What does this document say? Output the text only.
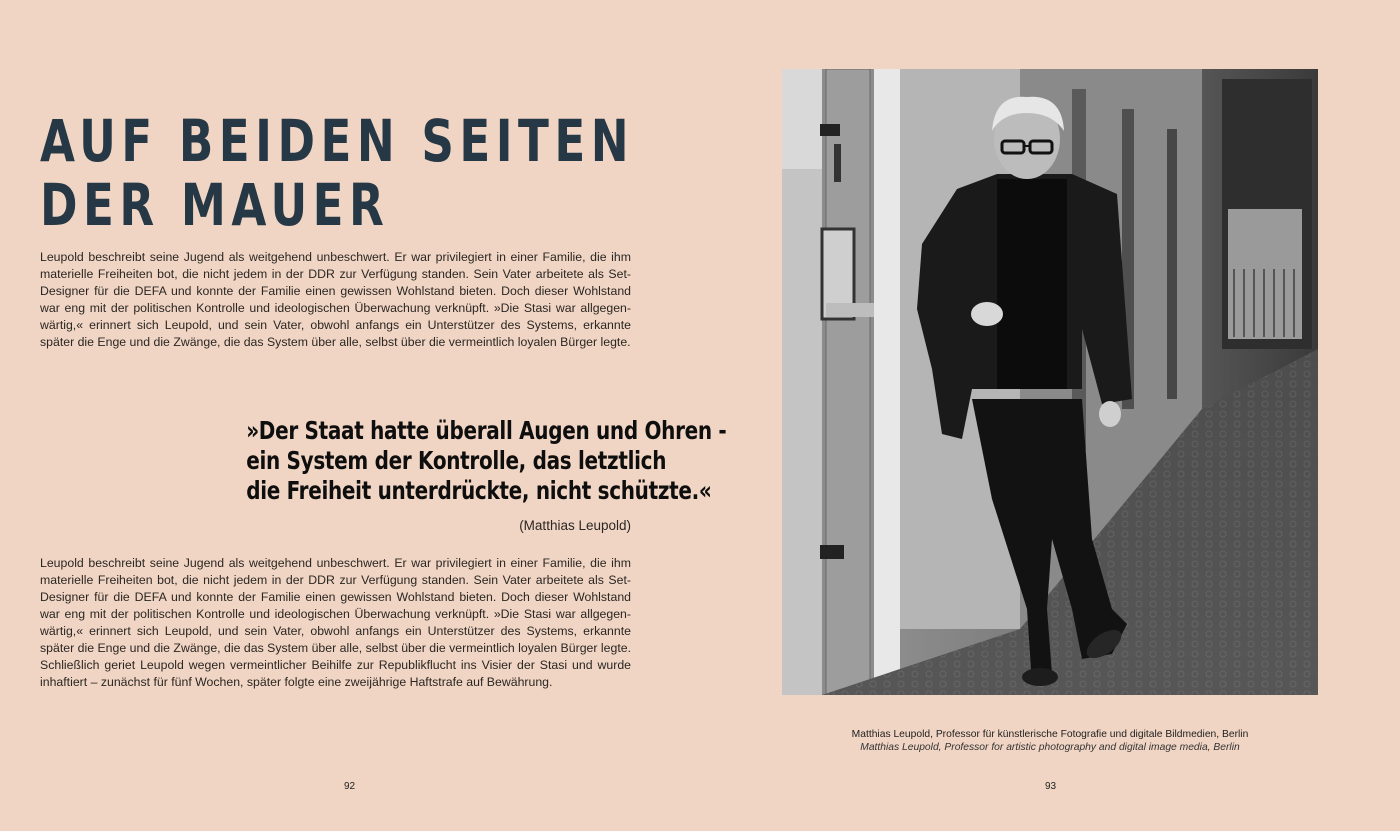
AUF BEIDEN SEITEN
DER MAUER

Leupold beschreibt seine Jugend als weitgehend unbeschwert. Er war privilegiert in einer Familie, die ihm materielle Freiheiten bot, die nicht jedem in der DDR zur Verfügung standen. Sein Vater arbeitete als Set-Designer für die DEFA und konnte der Familie einen gewissen Wohlstand bieten. Doch dieser Wohlstand war eng mit der politischen Kontrolle und ideologischen Überwachung verknüpft. »Die Stasi war allgegen-wärtig,« erinnert sich Leupold, und sein Vater, obwohl anfangs ein Unterstützer des Systems, erkannte später die Enge und die Zwänge, die das System über alle, selbst über die vermeintlich loyalen Bürger legte.

»Der Staat hatte überall Augen und Ohren -
ein System der Kontrolle, das letztlich
die Freiheit unterdrückte, nicht schützte.«
(Matthias Leupold)

Leupold beschreibt seine Jugend als weitgehend unbeschwert. Er war privilegiert in einer Familie, die ihm materielle Freiheiten bot, die nicht jedem in der DDR zur Verfügung standen. Sein Vater arbeitete als Set-Designer für die DEFA und konnte der Familie einen gewissen Wohlstand bieten. Doch dieser Wohlstand war eng mit der politischen Kontrolle und ideologischen Überwachung verknüpft. »Die Stasi war allgegen-wärtig,« erinnert sich Leupold, und sein Vater, obwohl anfangs ein Unterstützer des Systems, erkannte später die Enge und die Zwänge, die das System über alle, selbst über die vermeintlich loyalen Bürger legte. Schließlich geriet Leupold wegen vermeintlicher Beihilfe zur Republikflucht ins Visier der Stasi und wurde inhaftiert – zunächst für fünf Wochen, später folgte eine zweijährige Haftstrafe auf Bewährung.

92
Matthias Leupold, Professor für künstlerische Fotografie und digitale Bildmedien, Berlin
Matthias Leupold, Professor for artistic photography and digital image media, Berlin
93
